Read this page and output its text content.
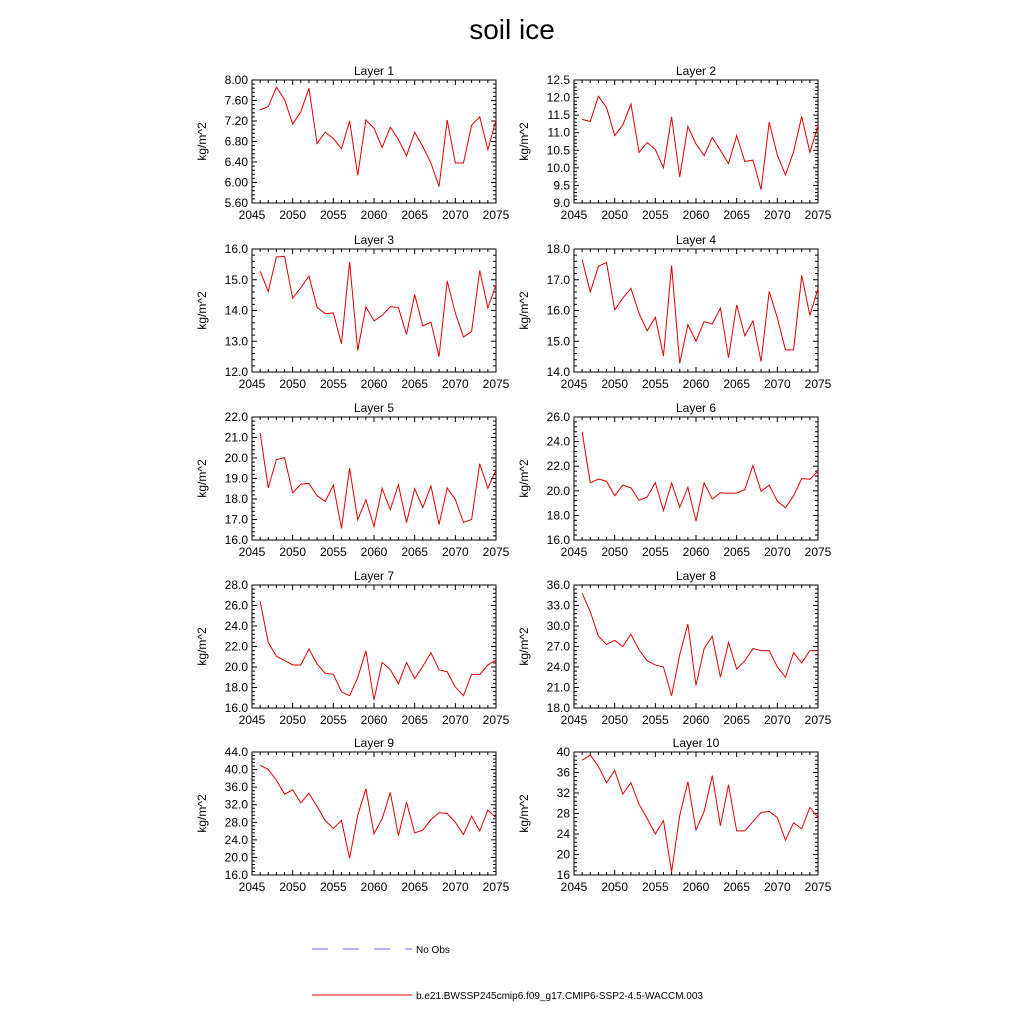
soil ice
2045 2050 2055 2060 2065 2070 2075
5.60
6.00
6.40
6.80
7.20
7.60
8.00
Layer 1
kg/m^2
2045 2050 2055 2060 2065 2070 2075
9.0
9.5
10.0
10.5
11.0
11.5
12.0
12.5
Layer 2
kg/m^2
2045 2050 2055 2060 2065 2070 2075
12.0
13.0
14.0
15.0
16.0
Layer 3
kg/m^2
2045 2050 2055 2060 2065 2070 2075
14.0
15.0
16.0
17.0
18.0
Layer 4
kg/m^2
2045 2050 2055 2060 2065 2070 2075
16.0
17.0
18.0
19.0
20.0
21.0
22.0
Layer 5
kg/m^2
2045 2050 2055 2060 2065 2070 2075
16.0
18.0
20.0
22.0
24.0
26.0
Layer 6
kg/m^2
2045 2050 2055 2060 2065 2070 2075
16.0
18.0
20.0
22.0
24.0
26.0
28.0
Layer 7
kg/m^2
2045 2050 2055 2060 2065 2070 2075
18.0
21.0
24.0
27.0
30.0
33.0
36.0
Layer 8
kg/m^2
2045 2050 2055 2060 2065 2070 2075
16.0
20.0
24.0
28.0
32.0
36.0
40.0
44.0
Layer 9
kg/m^2
2045 2050 2055 2060 2065 2070 2075
16
20
24
28
32
36
40
Layer 10
kg/m^2
No Obs
b.e21.BWSSP245cmip6.f09_g17.CMIP6-SSP2-4.5-WACCM.003
